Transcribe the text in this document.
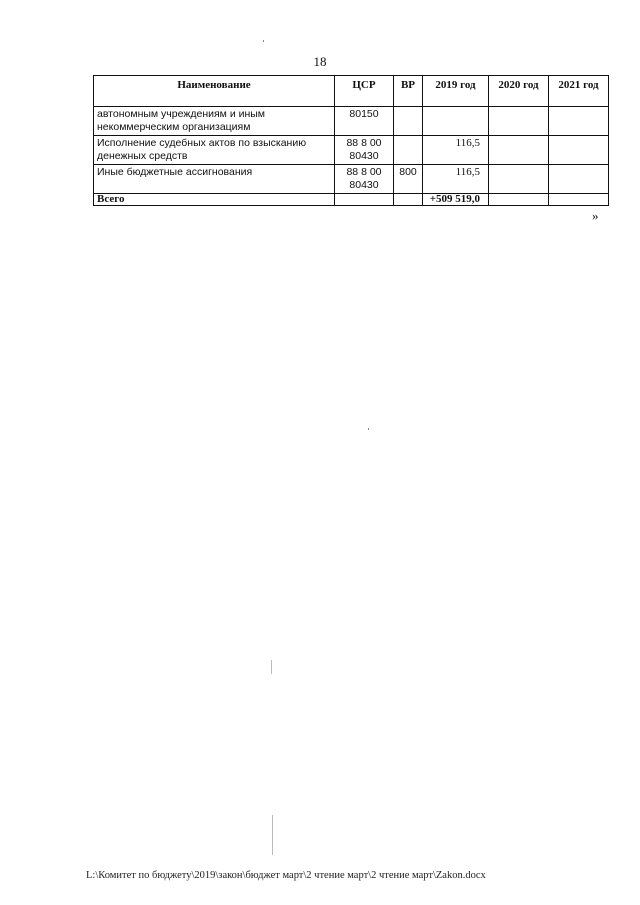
18
Наименование	ЦСР	ВР	2019 год	2020 год	2021 год
автономным учреждениям и иным некоммерческим организациям	80150				
Исполнение судебных актов по взысканию денежных средств	88 8 00 80430		116,5		
Иные бюджетные ассигнования	88 8 00 80430	800	116,5		
Всего			+509 519,0		
»
L:\Комитет по бюджету\2019\закон\бюджет март\2 чтение март\2 чтение март\Zakon.docx
